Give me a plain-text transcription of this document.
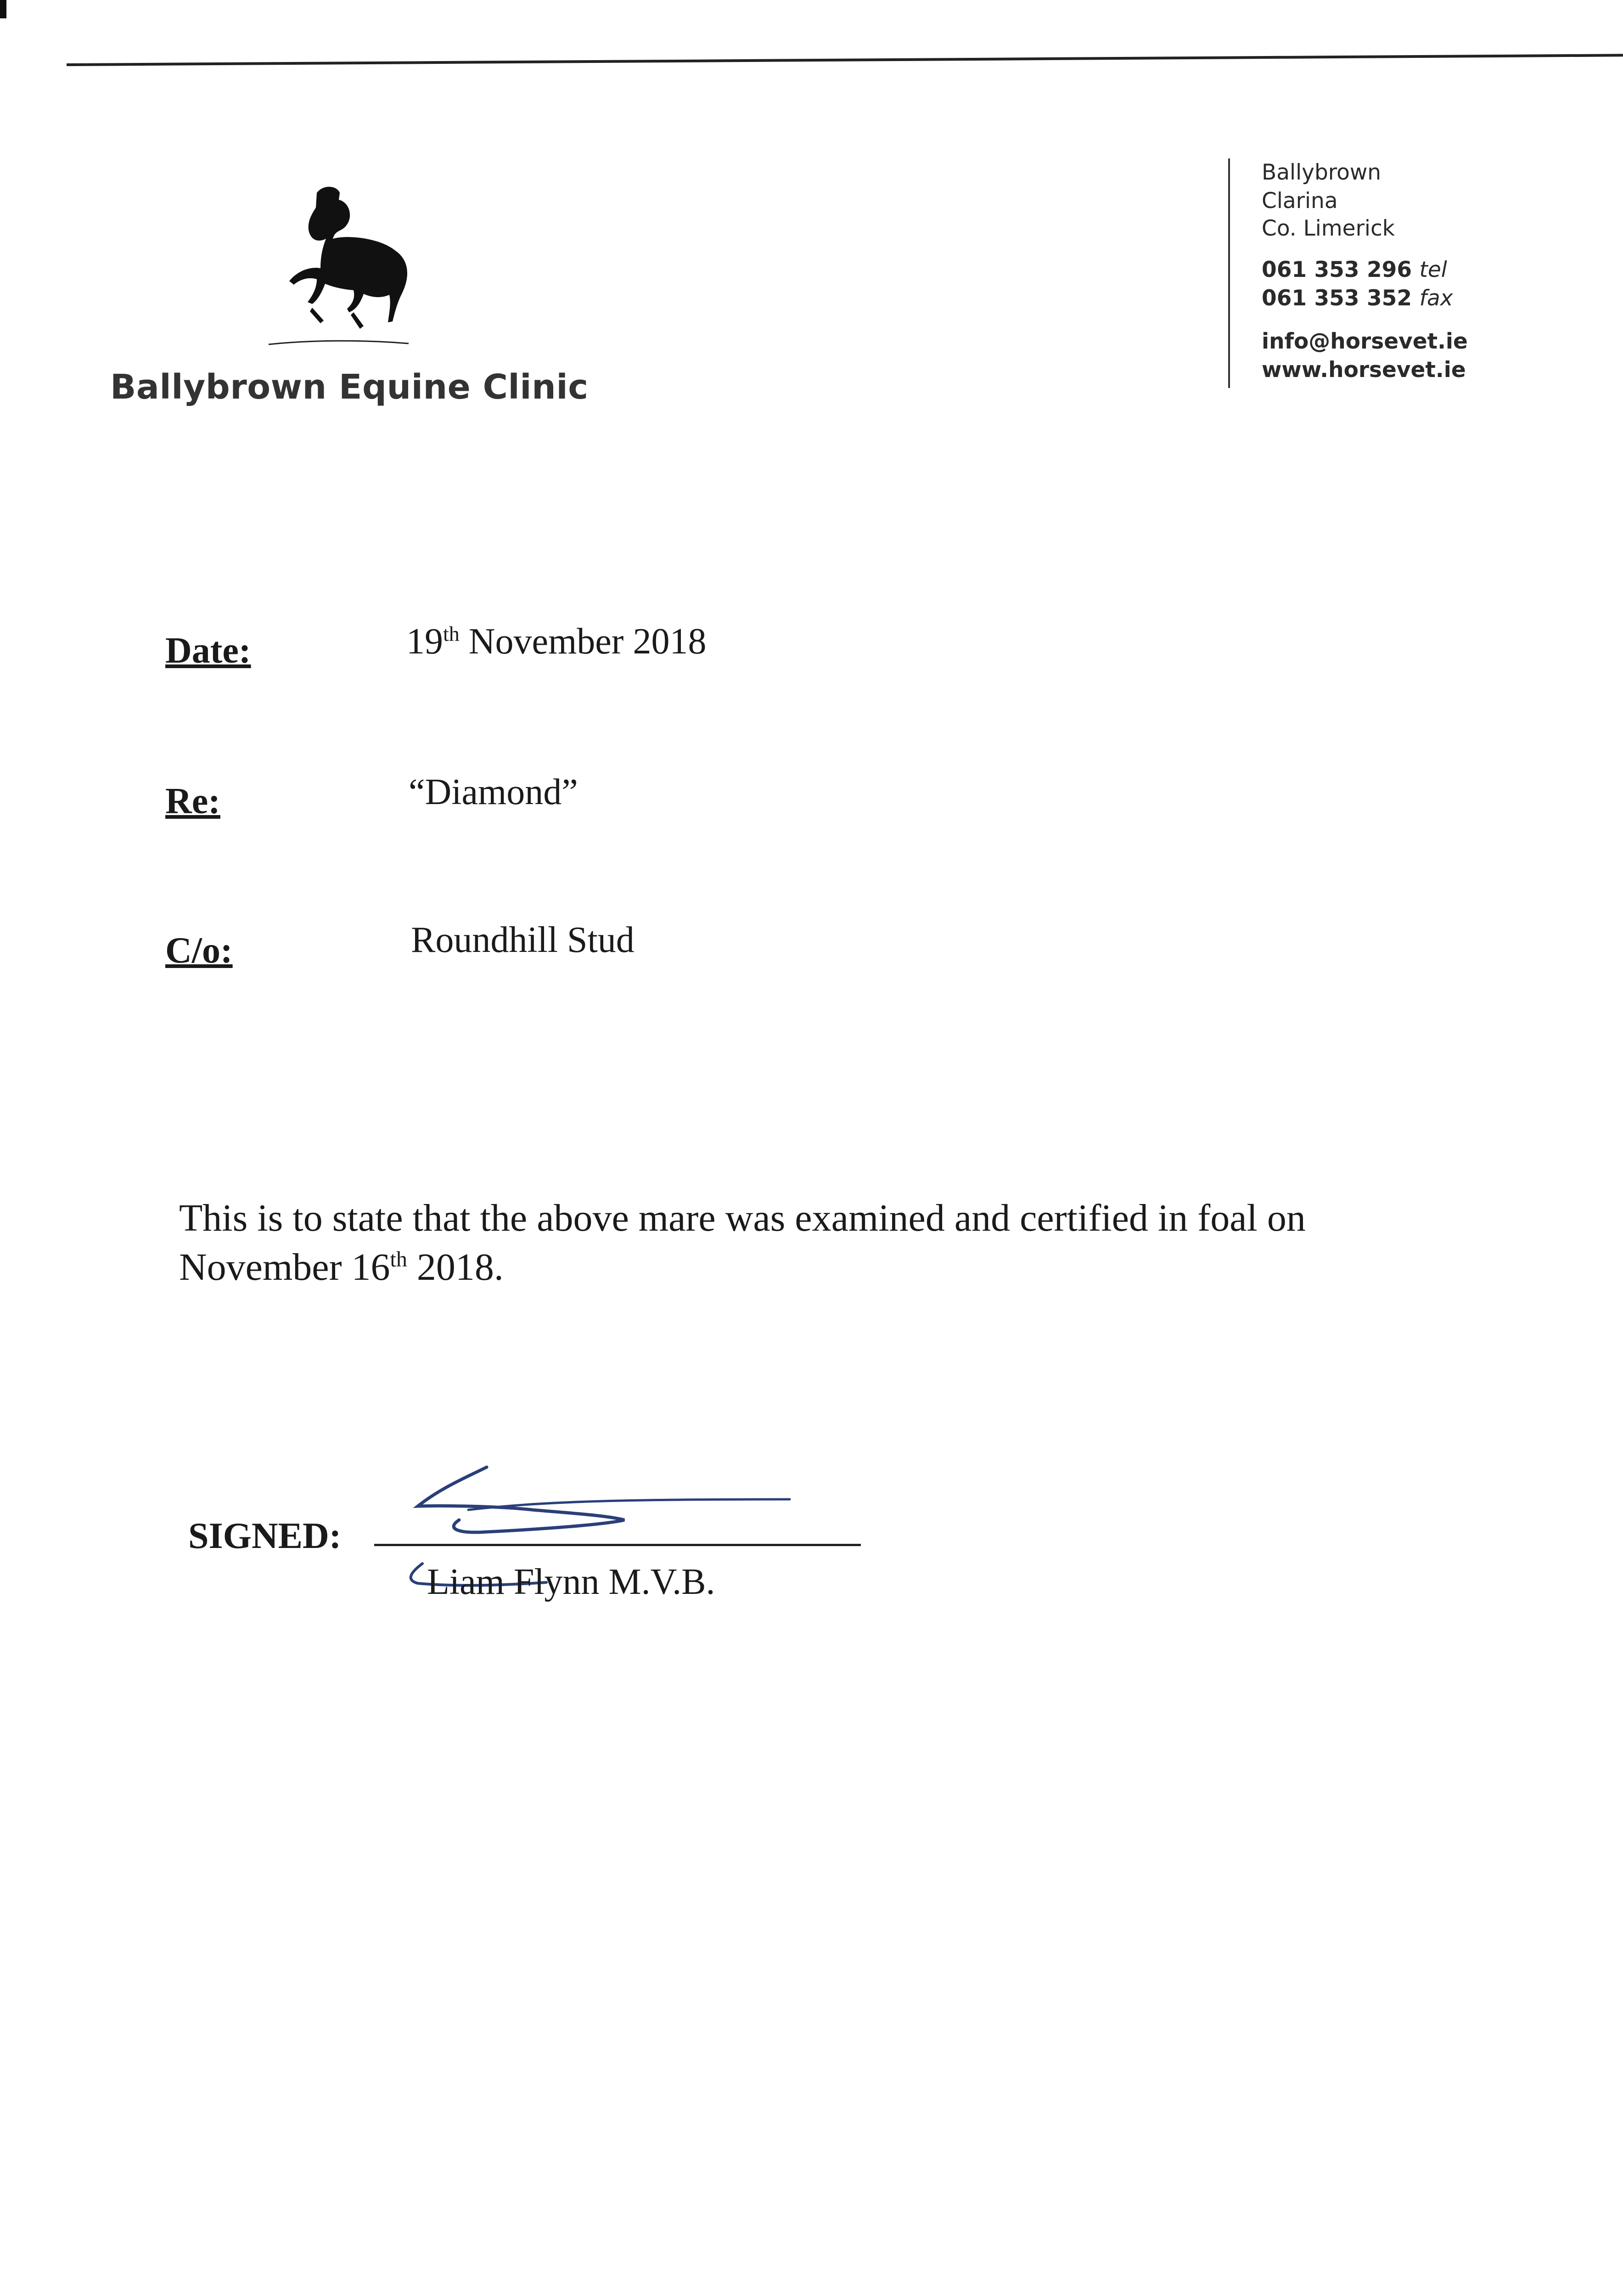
Ballybrown Equine Clinic
Ballybrown
Clarina
Co. Limerick
061 353 296 tel
061 353 352 fax
info@horsevet.ie
www.horsevet.ie
Date:	19th November 2018
Re:	“Diamond”
C/o:	Roundhill Stud
This is to state that the above mare was examined and certified in foal on
November 16th 2018.
SIGNED:
Liam Flynn M.V.B.
